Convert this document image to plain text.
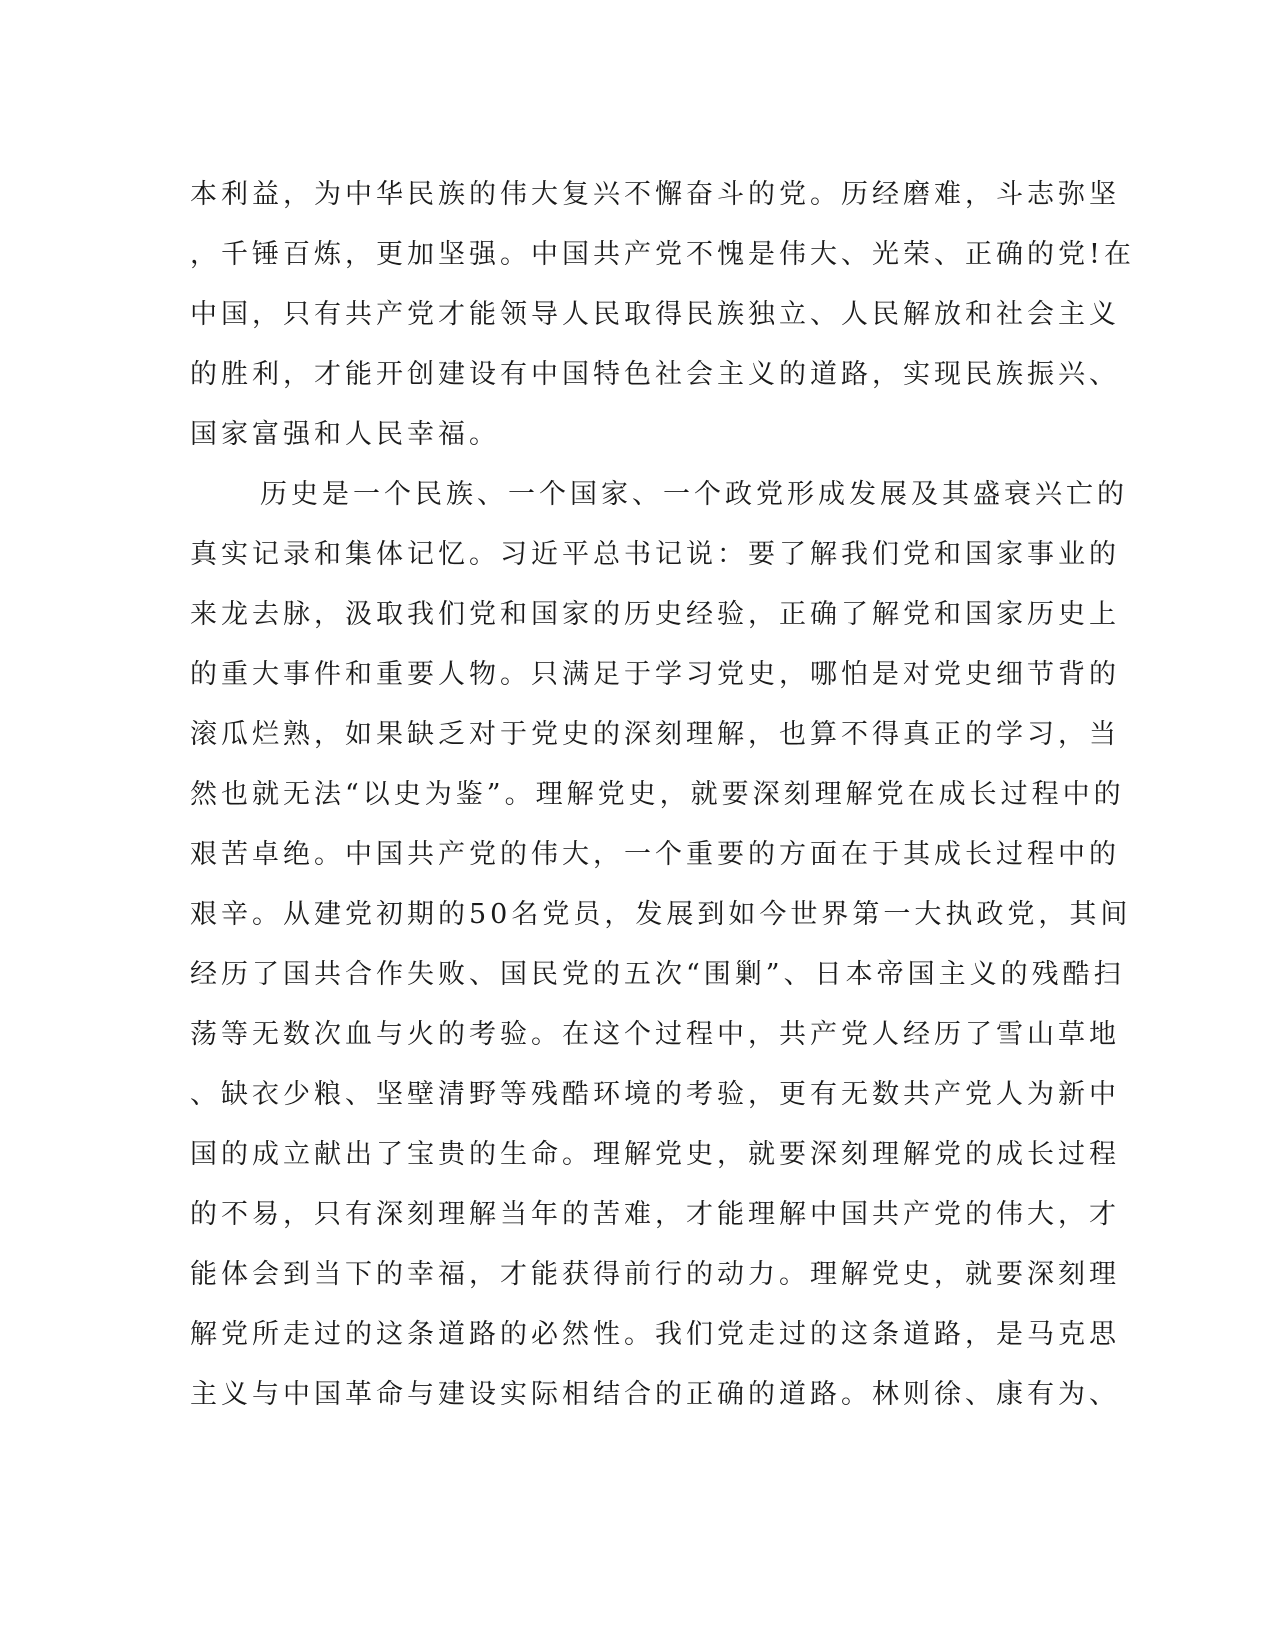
本利益，为中华民族的伟大复兴不懈奋斗的党。历经磨难，斗志弥坚
，千锤百炼，更加坚强。中国共产党不愧是伟大、光荣、正确的党!在
中国，只有共产党才能领导人民取得民族独立、人民解放和社会主义
的胜利，才能开创建设有中国特色社会主义的道路，实现民族振兴、
国家富强和人民幸福。
历史是一个民族、一个国家、一个政党形成发展及其盛衰兴亡的
真实记录和集体记忆。习近平总书记说：要了解我们党和国家事业的
来龙去脉，汲取我们党和国家的历史经验，正确了解党和国家历史上
的重大事件和重要人物。只满足于学习党史，哪怕是对党史细节背的
滚瓜烂熟，如果缺乏对于党史的深刻理解，也算不得真正的学习，当
然也就无法“以史为鉴”。理解党史，就要深刻理解党在成长过程中的
艰苦卓绝。中国共产党的伟大，一个重要的方面在于其成长过程中的
艰辛。从建党初期的50名党员，发展到如今世界第一大执政党，其间
经历了国共合作失败、国民党的五次“围剿”、日本帝国主义的残酷扫
荡等无数次血与火的考验。在这个过程中，共产党人经历了雪山草地
、缺衣少粮、坚壁清野等残酷环境的考验，更有无数共产党人为新中
国的成立献出了宝贵的生命。理解党史，就要深刻理解党的成长过程
的不易，只有深刻理解当年的苦难，才能理解中国共产党的伟大，才
能体会到当下的幸福，才能获得前行的动力。理解党史，就要深刻理
解党所走过的这条道路的必然性。我们党走过的这条道路，是马克思
主义与中国革命与建设实际相结合的正确的道路。林则徐、康有为、
